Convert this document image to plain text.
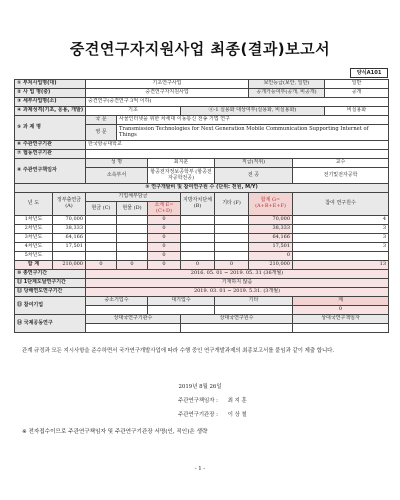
중견연구자지원사업 최종(결과)보고서
양식A101
① 부처사업명(대)		기초연구사업					보안등급(보안, 일반)		일반
② 사 업 명(중)		중견연구자지원사업					공개가능여부(공개, 비공개)		공개
③ 세부사업명(소)		중견연구(중견연구 3억 이하)							
④ 과제성격(기초, 응용, 개발)		기초			④-1 실용화 대상여부(실용화, 비실용화)				비실용화
⑤ 과 제 명		국 문	사물인터넷을 위한 차세대 이동통신 전송 기법 연구						
		영 문	Transmission Technologies for Next Generation Mobile Communication Supporting Internet of Things						
⑥ 주관연구기관		한국항공대학교							
⑦ 협동연구기관									
⑧ 주관연구책임자		성 명		최지훈		직급(직위)		교수	
		소속부서		항공전자정보공학부 (항공전자공학전공)		전 공		전기및전자공학	
⑨ 연구개발비 및 참여연구원 수 (단위: 천원, M/Y)									
년 도	정부출연금 (A)	기업체부담금			지방자치단체 (B)	기타 (F)	합계 G=(A+B+E+F)	참여 연구원수	
		현금 (C)	현물 (D)	소계 E=(C+D)					
1차년도	70,000			0			70,000	4	
2차년도	38,333			0			38,333	3	
3차년도	64,166			0			64,166	3	
4차년도	17,501			0			17,501	3	
5차년도				0			0		
합 계	210,000	0	0	0	0	0	210,000	13	
⑩ 총연구기간		2016. 05. 01 ~ 2019. 05. 31 (36개월)							
⑪ 1단계도달연구기간		기재하지 않음							
⑫ 당해연도연구기간		2019. 03. 01 ~ 2019. 5.31. (3개월)							
⑬ 참여기업		중소기업수		대기업수		기타		계	
								0	
⑭ 국제공동연구		상대국연구기관수			상대국연구원수			상대국연구책임자	

관계 규정과 모든 지시사항을 준수하면서 국가연구개발사업에 따라 수행 중인 연구개발과제의 최종보고서를 붙임과 같이 제출 합니다.
2019년 8월 26일
주관연구책임자 : 최 지 훈
주관연구기관장 : 이 상 철
※ 전자접수이므로 주관연구책임자 및 주관연구기관장 서명(인, 직인)은 생략
- 1 -
